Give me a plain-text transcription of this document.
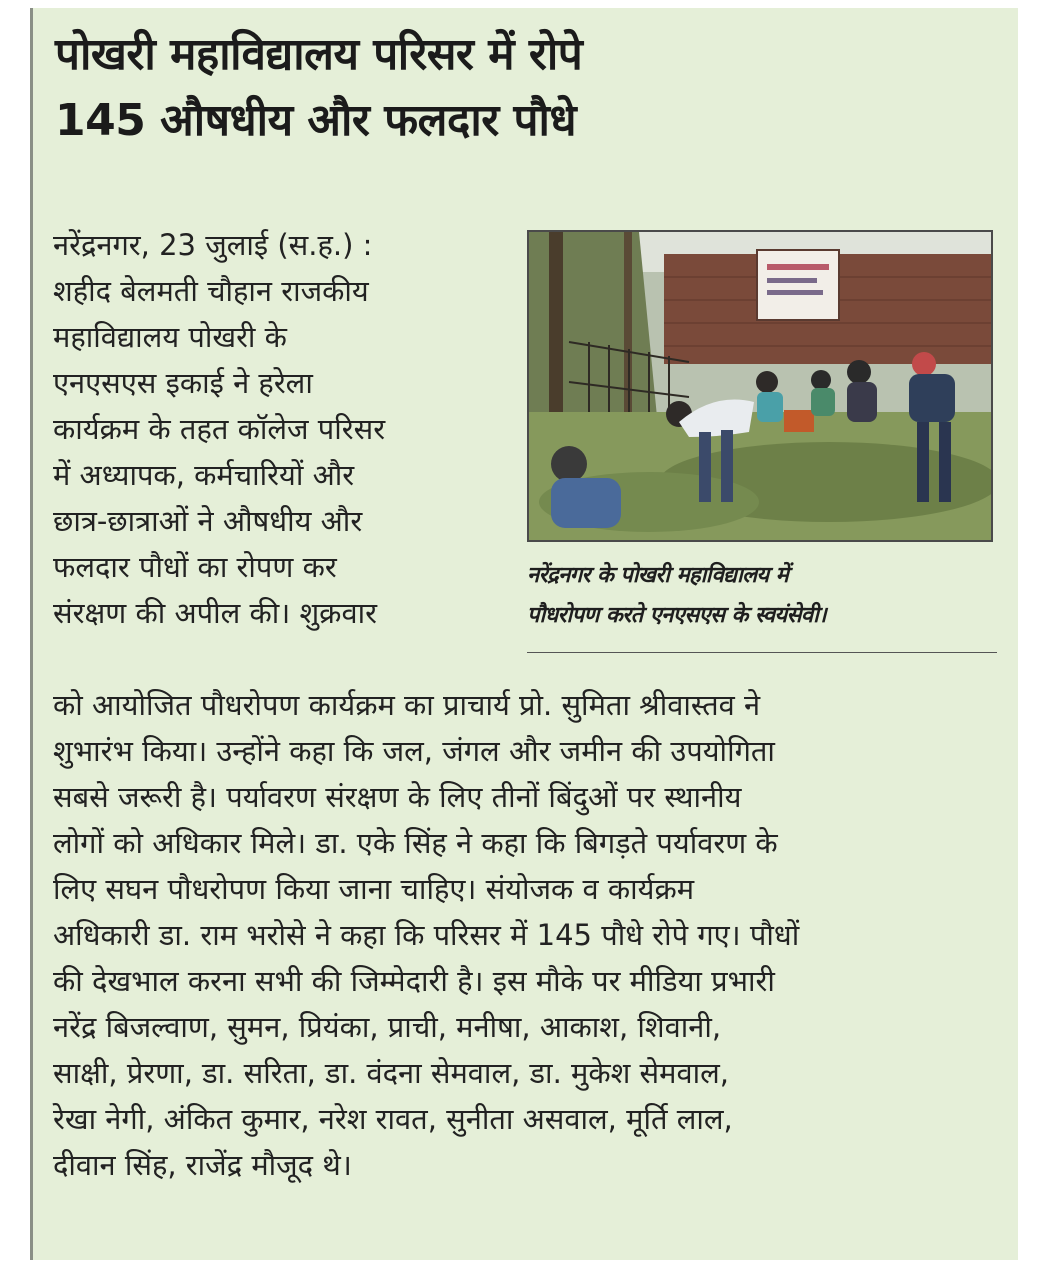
पोखरी महाविद्यालय परिसर में रोपे
145 औषधीय और फलदार पौधे
नरेंद्रनगर, 23 जुलाई (स.ह.) :
शहीद बेलमती चौहान राजकीय
महाविद्यालय पोखरी के
एनएसएस इकाई ने हरेला
कार्यक्रम के तहत कॉलेज परिसर
में अध्यापक, कर्मचारियों और
छात्र-छात्राओं ने औषधीय और
फलदार पौधों का रोपण कर
संरक्षण की अपील की। शुक्रवार
नरेंद्रनगर के पोखरी महाविद्यालय में
पौधरोपण करते एनएसएस के स्वयंसेवी।
को आयोजित पौधरोपण कार्यक्रम का प्राचार्य प्रो. सुमिता श्रीवास्तव ने
शुभारंभ किया। उन्होंने कहा कि जल, जंगल और जमीन की उपयोगिता
सबसे जरूरी है। पर्यावरण संरक्षण के लिए तीनों बिंदुओं पर स्थानीय
लोगों को अधिकार मिले। डा. एके सिंह ने कहा कि बिगड़ते पर्यावरण के
लिए सघन पौधरोपण किया जाना चाहिए। संयोजक व कार्यक्रम
अधिकारी डा. राम भरोसे ने कहा कि परिसर में 145 पौधे रोपे गए। पौधों
की देखभाल करना सभी की जिम्मेदारी है। इस मौके पर मीडिया प्रभारी
नरेंद्र बिजल्वाण, सुमन, प्रियंका, प्राची, मनीषा, आकाश, शिवानी,
साक्षी, प्रेरणा, डा. सरिता, डा. वंदना सेमवाल, डा. मुकेश सेमवाल,
रेखा नेगी, अंकित कुमार, नरेश रावत, सुनीता असवाल, मूर्ति लाल,
दीवान सिंह, राजेंद्र मौजूद थे।
